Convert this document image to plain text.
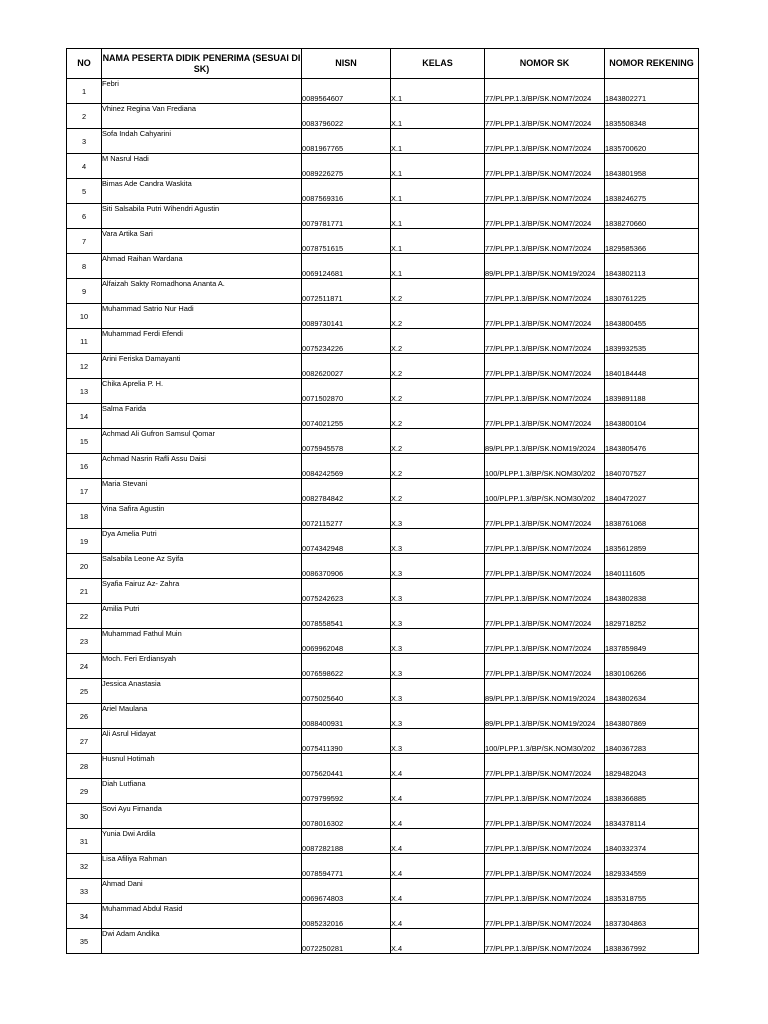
NO	NAMA PESERTA DIDIK PENERIMA (SESUAI DI SK)	NISN	KELAS	NOMOR SK	NOMOR REKENING
1	Febri	0089564607	X.1	77/PLPP.1.3/BP/SK.NOM7/2024	1843802271
2	Vhinez Regina Van Frediana	0083796022	X.1	77/PLPP.1.3/BP/SK.NOM7/2024	1835508348
3	Sofa Indah Cahyarini	0081967765	X.1	77/PLPP.1.3/BP/SK.NOM7/2024	1835700620
4	M Nasrul Hadi	0089226275	X.1	77/PLPP.1.3/BP/SK.NOM7/2024	1843801958
5	Bimas Ade Candra Waskita	0087569316	X.1	77/PLPP.1.3/BP/SK.NOM7/2024	1838246275
6	Siti Salsabila Putri Wihendri Agustin	0079781771	X.1	77/PLPP.1.3/BP/SK.NOM7/2024	1838270660
7	Vara Artika Sari	0078751615	X.1	77/PLPP.1.3/BP/SK.NOM7/2024	1829585366
8	Ahmad Raihan Wardana	0069124681	X.1	89/PLPP.1.3/BP/SK.NOM19/2024	1843802113
9	Alfaizah Sakty Romadhona Ananta A.	0072511871	X.2	77/PLPP.1.3/BP/SK.NOM7/2024	1830761225
10	Muhammad Satrio Nur Hadi	0089730141	X.2	77/PLPP.1.3/BP/SK.NOM7/2024	1843800455
11	Muhammad Ferdi Efendi	0075234226	X.2	77/PLPP.1.3/BP/SK.NOM7/2024	1839932535
12	Arini Feriska Damayanti	0082620027	X.2	77/PLPP.1.3/BP/SK.NOM7/2024	1840184448
13	Chika Aprelia P. H.	0071502870	X.2	77/PLPP.1.3/BP/SK.NOM7/2024	1839891188
14	Salma Farida	0074021255	X.2	77/PLPP.1.3/BP/SK.NOM7/2024	1843800104
15	Achmad Ali Gufron Samsul Qomar	0075945578	X.2	89/PLPP.1.3/BP/SK.NOM19/2024	1843805476
16	Achmad Nasrin Rafli Assu Daisi	0084242569	X.2	100/PLPP.1.3/BP/SK.NOM30/202	1840707527
17	Maria Stevani	0082784842	X.2	100/PLPP.1.3/BP/SK.NOM30/202	1840472027
18	Vina Safira Agustin	0072115277	X.3	77/PLPP.1.3/BP/SK.NOM7/2024	1838761068
19	Dya Amelia Putri	0074342948	X.3	77/PLPP.1.3/BP/SK.NOM7/2024	1835612859
20	Salsabila Leone Az Syifa	0086370906	X.3	77/PLPP.1.3/BP/SK.NOM7/2024	1840111605
21	Syafia Fairuz Az- Zahra	0075242623	X.3	77/PLPP.1.3/BP/SK.NOM7/2024	1843802838
22	Amilia Putri	0078558541	X.3	77/PLPP.1.3/BP/SK.NOM7/2024	1829718252
23	Muhammad Fathul Muin	0069962048	X.3	77/PLPP.1.3/BP/SK.NOM7/2024	1837859849
24	Moch. Feri Erdiansyah	0076598622	X.3	77/PLPP.1.3/BP/SK.NOM7/2024	1830106266
25	Jessica Anastasia	0075025640	X.3	89/PLPP.1.3/BP/SK.NOM19/2024	1843802634
26	Ariel Maulana	0088400931	X.3	89/PLPP.1.3/BP/SK.NOM19/2024	1843807869
27	Ali Asrul Hidayat	0075411390	X.3	100/PLPP.1.3/BP/SK.NOM30/202	1840367283
28	Husnul Hotimah	0075620441	X.4	77/PLPP.1.3/BP/SK.NOM7/2024	1829482043
29	Diah Lutfiana	0079799592	X.4	77/PLPP.1.3/BP/SK.NOM7/2024	1838366885
30	Sovi Ayu Firnanda	0078016302	X.4	77/PLPP.1.3/BP/SK.NOM7/2024	1834378114
31	Yunia Dwi Ardila	0087282188	X.4	77/PLPP.1.3/BP/SK.NOM7/2024	1840332374
32	Lisa Afiliya Rahman	0078594771	X.4	77/PLPP.1.3/BP/SK.NOM7/2024	1829334559
33	Ahmad Dani	0069674803	X.4	77/PLPP.1.3/BP/SK.NOM7/2024	1835318755
34	Muhammad Abdul Rasid	0085232016	X.4	77/PLPP.1.3/BP/SK.NOM7/2024	1837304863
35	Dwi Adam Andika	0072250281	X.4	77/PLPP.1.3/BP/SK.NOM7/2024	1838367992
